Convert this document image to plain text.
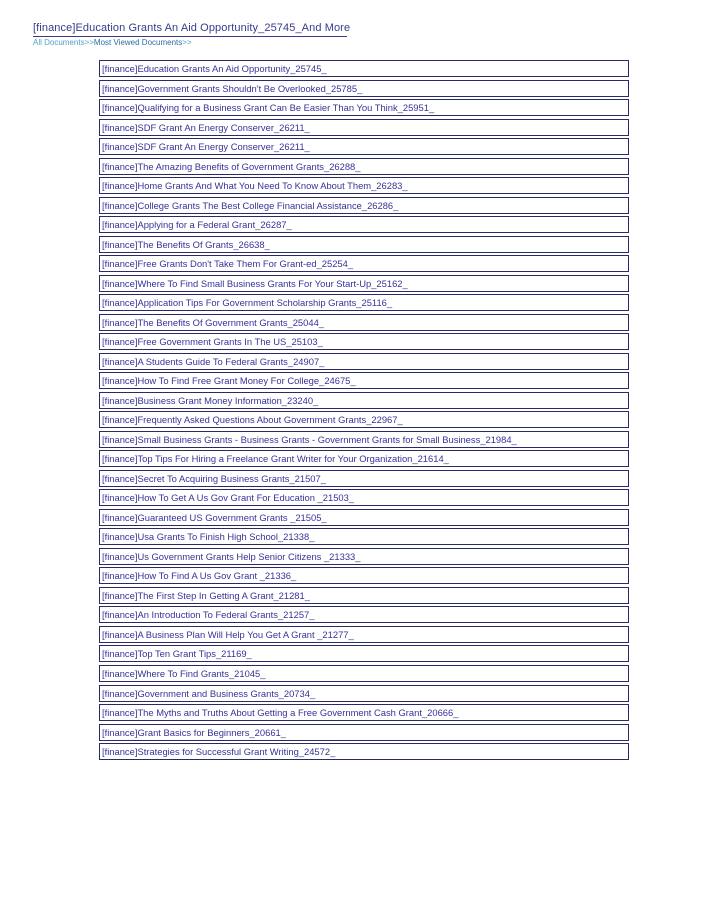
[finance]Education Grants An Aid Opportunity_25745_And More
All Documents>>Most Viewed Documents>>
[finance]Education Grants An Aid Opportunity_25745_
[finance]Government Grants Shouldn't Be Overlooked_25785_
[finance]Qualifying for a Business Grant Can Be Easier Than You Think_25951_
[finance]SDF Grant An Energy Conserver_26211_
[finance]SDF Grant An Energy Conserver_26211_
[finance]The Amazing Benefits of Government Grants_26288_
[finance]Home Grants And What You Need To Know About Them_26283_
[finance]College Grants The Best College Financial Assistance_26286_
[finance]Applying for a Federal Grant_26287_
[finance]The Benefits Of Grants_26638_
[finance]Free Grants Don't Take Them For Grant-ed_25254_
[finance]Where To Find Small Business Grants For Your Start-Up_25162_
[finance]Application Tips For Government Scholarship Grants_25116_
[finance]The Benefits Of Government Grants_25044_
[finance]Free Government Grants In The US_25103_
[finance]A Students Guide To Federal Grants_24907_
[finance]How To Find Free Grant Money For College_24675_
[finance]Business Grant Money Information_23240_
[finance]Frequently Asked Questions About Government Grants_22967_
[finance]Small Business Grants - Business Grants - Government Grants for Small Business_21984_
[finance]Top Tips For Hiring a Freelance Grant Writer for Your Organization_21614_
[finance]Secret To Acquiring Business Grants_21507_
[finance]How To Get A Us Gov Grant For Education _21503_
[finance]Guaranteed US Government Grants _21505_
[finance]Usa Grants To Finish High School_21338_
[finance]Us Government Grants Help Senior Citizens _21333_
[finance]How To Find A Us Gov Grant _21336_
[finance]The First Step In Getting A Grant_21281_
[finance]An Introduction To Federal Grants_21257_
[finance]A Business Plan Will Help You Get A Grant _21277_
[finance]Top Ten Grant Tips_21169_
[finance]Where To Find Grants_21045_
[finance]Government and Business Grants_20734_
[finance]The Myths and Truths About Getting a Free Government Cash Grant_20666_
[finance]Grant Basics for Beginners_20661_
[finance]Strategies for Successful Grant Writing_24572_
